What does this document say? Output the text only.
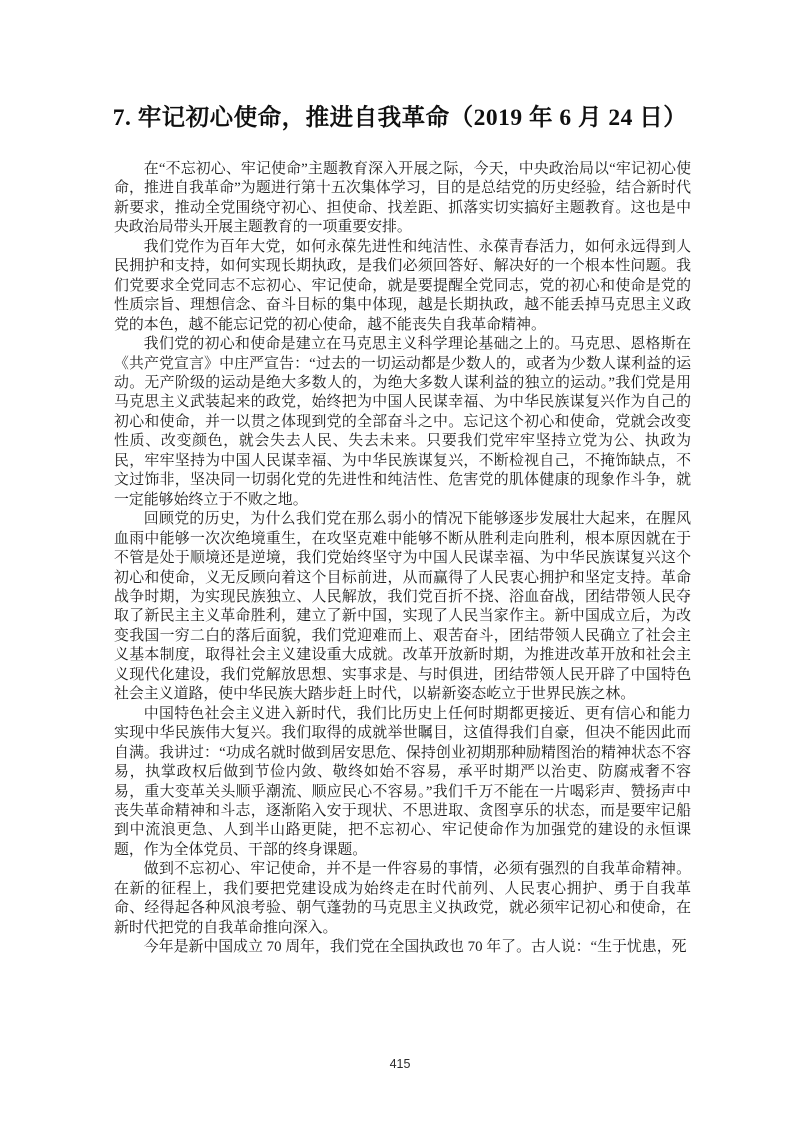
7. 牢记初心使命，推进自我革命（2019 年 6 月 24 日）

在“不忘初心、牢记使命”主题教育深入开展之际，今天，中央政治局以“牢记初心使命，推进自我革命”为题进行第十五次集体学习，目的是总结党的历史经验，结合新时代新要求，推动全党围绕守初心、担使命、找差距、抓落实切实搞好主题教育。这也是中央政治局带头开展主题教育的一项重要安排。

我们党作为百年大党，如何永葆先进性和纯洁性、永葆青春活力，如何永远得到人民拥护和支持，如何实现长期执政，是我们必须回答好、解决好的一个根本性问题。我们党要求全党同志不忘初心、牢记使命，就是要提醒全党同志，党的初心和使命是党的性质宗旨、理想信念、奋斗目标的集中体现，越是长期执政，越不能丢掉马克思主义政党的本色，越不能忘记党的初心使命，越不能丧失自我革命精神。

我们党的初心和使命是建立在马克思主义科学理论基础之上的。马克思、恩格斯在《共产党宣言》中庄严宣告：“过去的一切运动都是少数人的，或者为少数人谋利益的运动。无产阶级的运动是绝大多数人的，为绝大多数人谋利益的独立的运动。”我们党是用马克思主义武装起来的政党，始终把为中国人民谋幸福、为中华民族谋复兴作为自己的初心和使命，并一以贯之体现到党的全部奋斗之中。忘记这个初心和使命，党就会改变性质、改变颜色，就会失去人民、失去未来。只要我们党牢牢坚持立党为公、执政为民，牢牢坚持为中国人民谋幸福、为中华民族谋复兴，不断检视自己，不掩饰缺点，不文过饰非，坚决同一切弱化党的先进性和纯洁性、危害党的肌体健康的现象作斗争，就一定能够始终立于不败之地。

回顾党的历史，为什么我们党在那么弱小的情况下能够逐步发展壮大起来，在腥风血雨中能够一次次绝境重生，在攻坚克难中能够不断从胜利走向胜利，根本原因就在于不管是处于顺境还是逆境，我们党始终坚守为中国人民谋幸福、为中华民族谋复兴这个初心和使命，义无反顾向着这个目标前进，从而赢得了人民衷心拥护和坚定支持。革命战争时期，为实现民族独立、人民解放，我们党百折不挠、浴血奋战，团结带领人民夺取了新民主主义革命胜利，建立了新中国，实现了人民当家作主。新中国成立后，为改变我国一穷二白的落后面貌，我们党迎难而上、艰苦奋斗，团结带领人民确立了社会主义基本制度，取得社会主义建设重大成就。改革开放新时期，为推进改革开放和社会主义现代化建设，我们党解放思想、实事求是、与时俱进，团结带领人民开辟了中国特色社会主义道路，使中华民族大踏步赶上时代，以崭新姿态屹立于世界民族之林。

中国特色社会主义进入新时代，我们比历史上任何时期都更接近、更有信心和能力实现中华民族伟大复兴。我们取得的成就举世瞩目，这值得我们自豪，但决不能因此而自满。我讲过：“功成名就时做到居安思危、保持创业初期那种励精图治的精神状态不容易，执掌政权后做到节俭内敛、敬终如始不容易，承平时期严以治吏、防腐戒奢不容易，重大变革关头顺乎潮流、顺应民心不容易。”我们千万不能在一片喝彩声、赞扬声中丧失革命精神和斗志，逐渐陷入安于现状、不思进取、贪图享乐的状态，而是要牢记船到中流浪更急、人到半山路更陡，把不忘初心、牢记使命作为加强党的建设的永恒课题，作为全体党员、干部的终身课题。

做到不忘初心、牢记使命，并不是一件容易的事情，必须有强烈的自我革命精神。在新的征程上，我们要把党建设成为始终走在时代前列、人民衷心拥护、勇于自我革命、经得起各种风浪考验、朝气蓬勃的马克思主义执政党，就必须牢记初心和使命，在新时代把党的自我革命推向深入。

今年是新中国成立 70 周年，我们党在全国执政也 70 年了。古人说：“生于忧患，死

415
